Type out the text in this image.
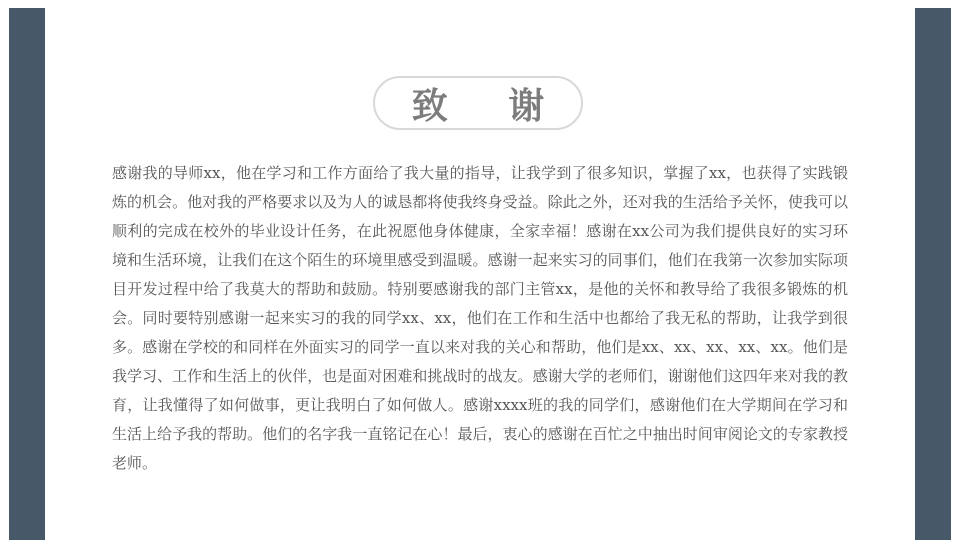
致 谢

感谢我的导师xx，他在学习和工作方面给了我大量的指导，让我学到了很多知识，掌握了xx，也获得了实践锻炼的机会。他对我的严格要求以及为人的诚恳都将使我终身受益。除此之外，还对我的生活给予关怀，使我可以顺利的完成在校外的毕业设计任务，在此祝愿他身体健康，全家幸福！感谢在xx公司为我们提供良好的实习环境和生活环境，让我们在这个陌生的环境里感受到温暖。感谢一起来实习的同事们，他们在我第一次参加实际项目开发过程中给了我莫大的帮助和鼓励。特别要感谢我的部门主管xx，是他的关怀和教导给了我很多锻炼的机会。同时要特别感谢一起来实习的我的同学xx、xx，他们在工作和生活中也都给了我无私的帮助，让我学到很多。感谢在学校的和同样在外面实习的同学一直以来对我的关心和帮助，他们是xx、xx、xx、xx、xx。他们是我学习、工作和生活上的伙伴，也是面对困难和挑战时的战友。感谢大学的老师们，谢谢他们这四年来对我的教育，让我懂得了如何做事，更让我明白了如何做人。感谢xxxx班的我的同学们，感谢他们在大学期间在学习和生活上给予我的帮助。他们的名字我一直铭记在心！最后，衷心的感谢在百忙之中抽出时间审阅论文的专家教授老师。
